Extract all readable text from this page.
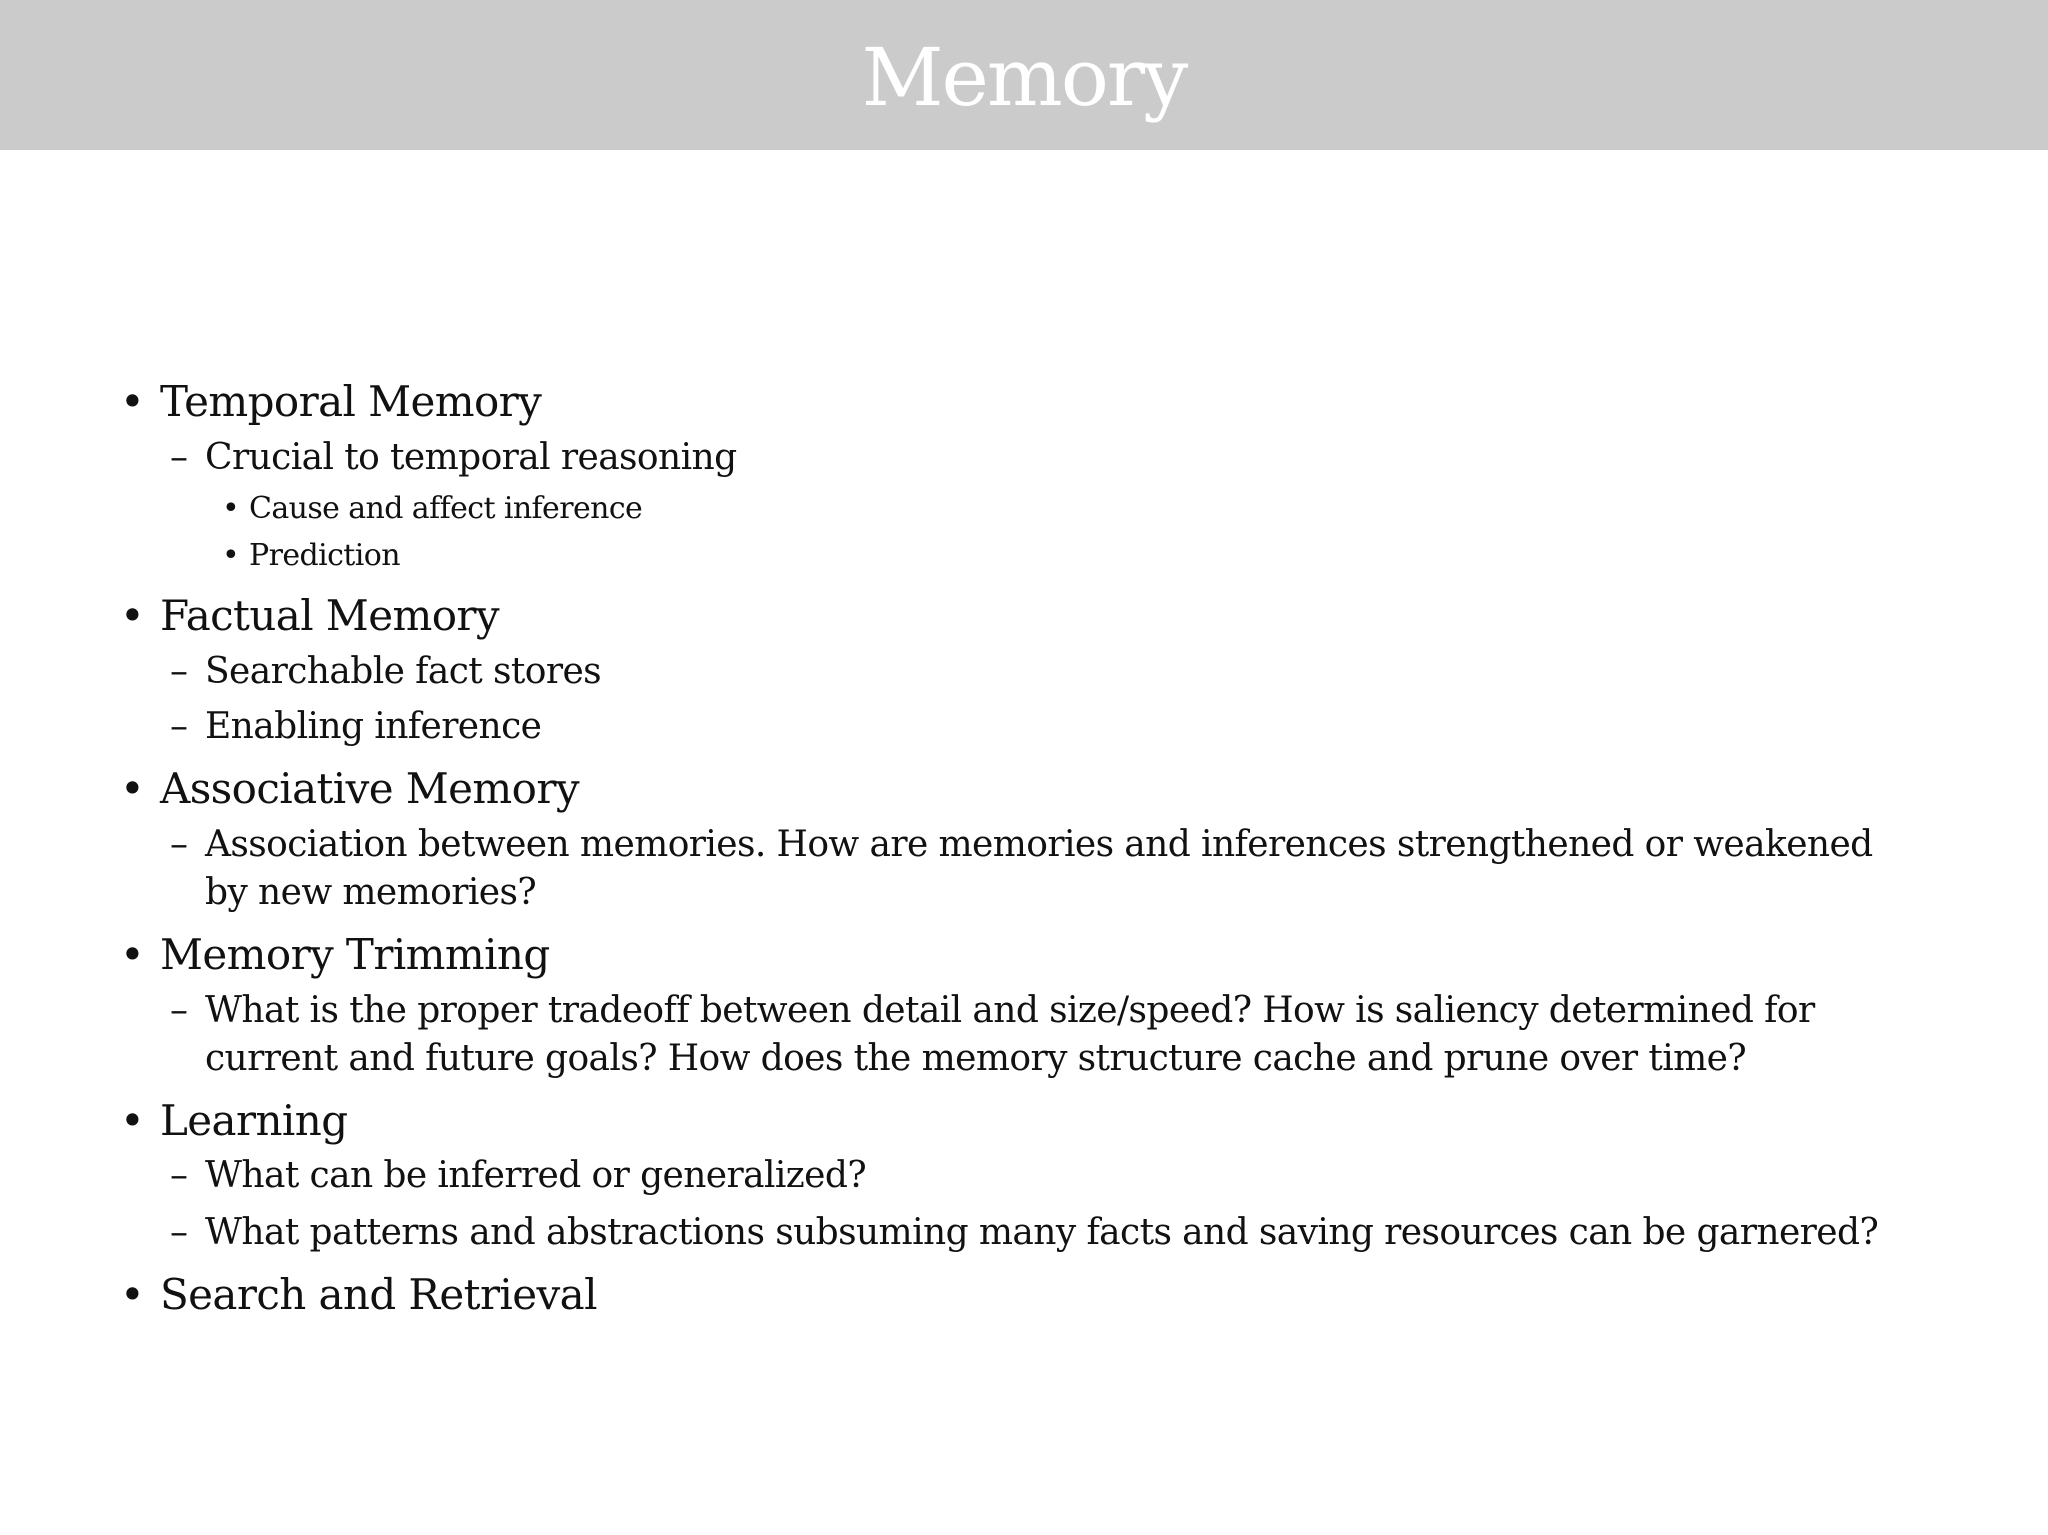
Memory
• Temporal Memory
– Crucial to temporal reasoning
• Cause and affect inference
• Prediction
• Factual Memory
– Searchable fact stores
– Enabling inference
• Associative Memory
– Association between memories. How are memories and inferences strengthened or weakened
by new memories?
• Memory Trimming
– What is the proper tradeoff between detail and size/speed? How is saliency determined for
current and future goals? How does the memory structure cache and prune over time?
• Learning
– What can be inferred or generalized?
– What patterns and abstractions subsuming many facts and saving resources can be garnered?
• Search and Retrieval
